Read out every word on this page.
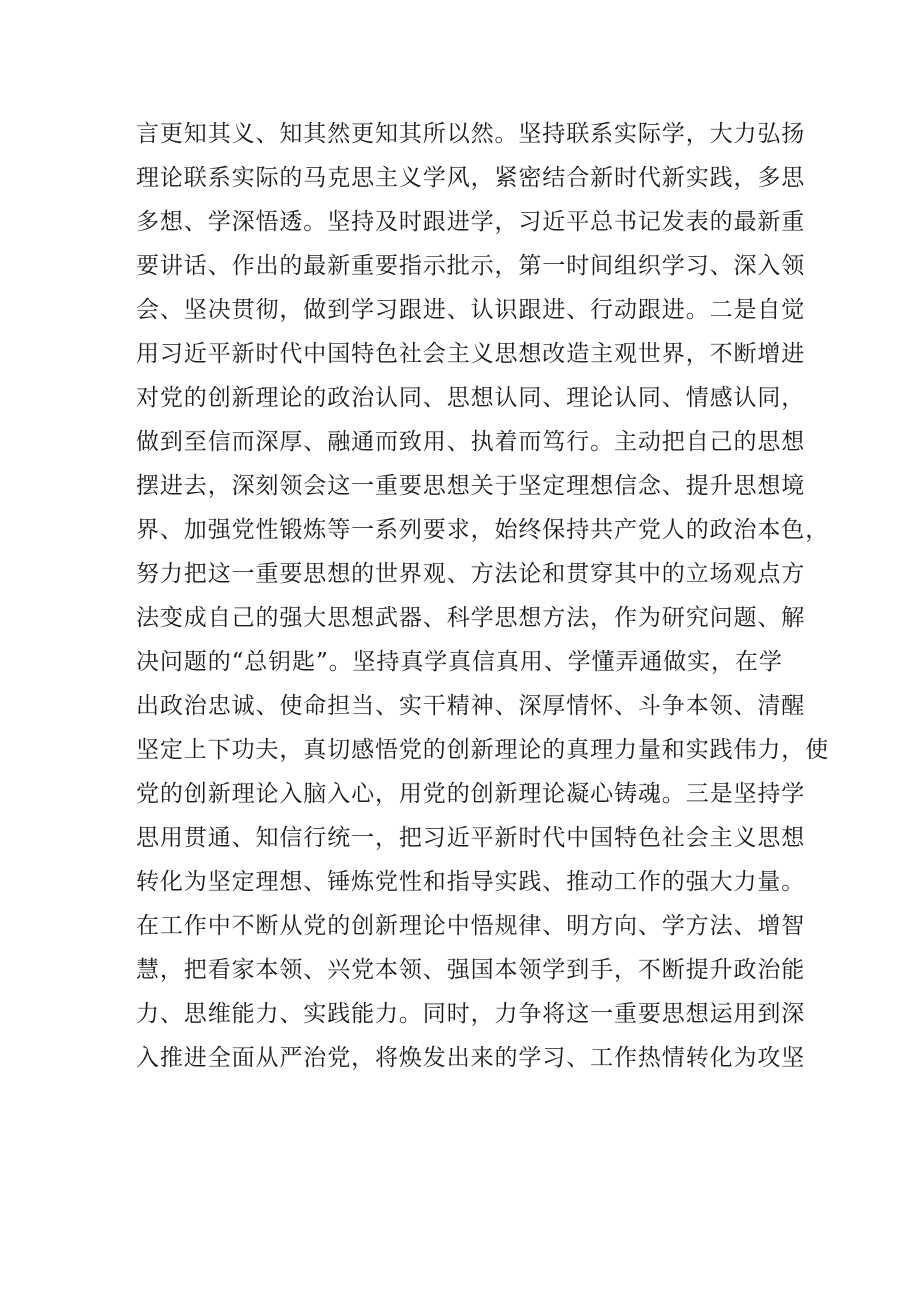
言更知其义、知其然更知其所以然。坚持联系实际学，大力弘扬
理论联系实际的马克思主义学风，紧密结合新时代新实践，多思
多想、学深悟透。坚持及时跟进学，习近平总书记发表的最新重
要讲话、作出的最新重要指示批示，第一时间组织学习、深入领
会、坚决贯彻，做到学习跟进、认识跟进、行动跟进。二是自觉
用习近平新时代中国特色社会主义思想改造主观世界，不断增进
对党的创新理论的政治认同、思想认同、理论认同、情感认同，
做到至信而深厚、融通而致用、执着而笃行。主动把自己的思想
摆进去，深刻领会这一重要思想关于坚定理想信念、提升思想境
界、加强党性锻炼等一系列要求，始终保持共产党人的政治本色，
努力把这一重要思想的世界观、方法论和贯穿其中的立场观点方
法变成自己的强大思想武器、科学思想方法，作为研究问题、解
决问题的“总钥匙”。坚持真学真信真用、学懂弄通做实，在学
出政治忠诚、使命担当、实干精神、深厚情怀、斗争本领、清醒
坚定上下功夫，真切感悟党的创新理论的真理力量和实践伟力，使
党的创新理论入脑入心，用党的创新理论凝心铸魂。三是坚持学
思用贯通、知信行统一，把习近平新时代中国特色社会主义思想
转化为坚定理想、锤炼党性和指导实践、推动工作的强大力量。
在工作中不断从党的创新理论中悟规律、明方向、学方法、增智
慧，把看家本领、兴党本领、强国本领学到手，不断提升政治能
力、思维能力、实践能力。同时，力争将这一重要思想运用到深
入推进全面从严治党，将焕发出来的学习、工作热情转化为攻坚
